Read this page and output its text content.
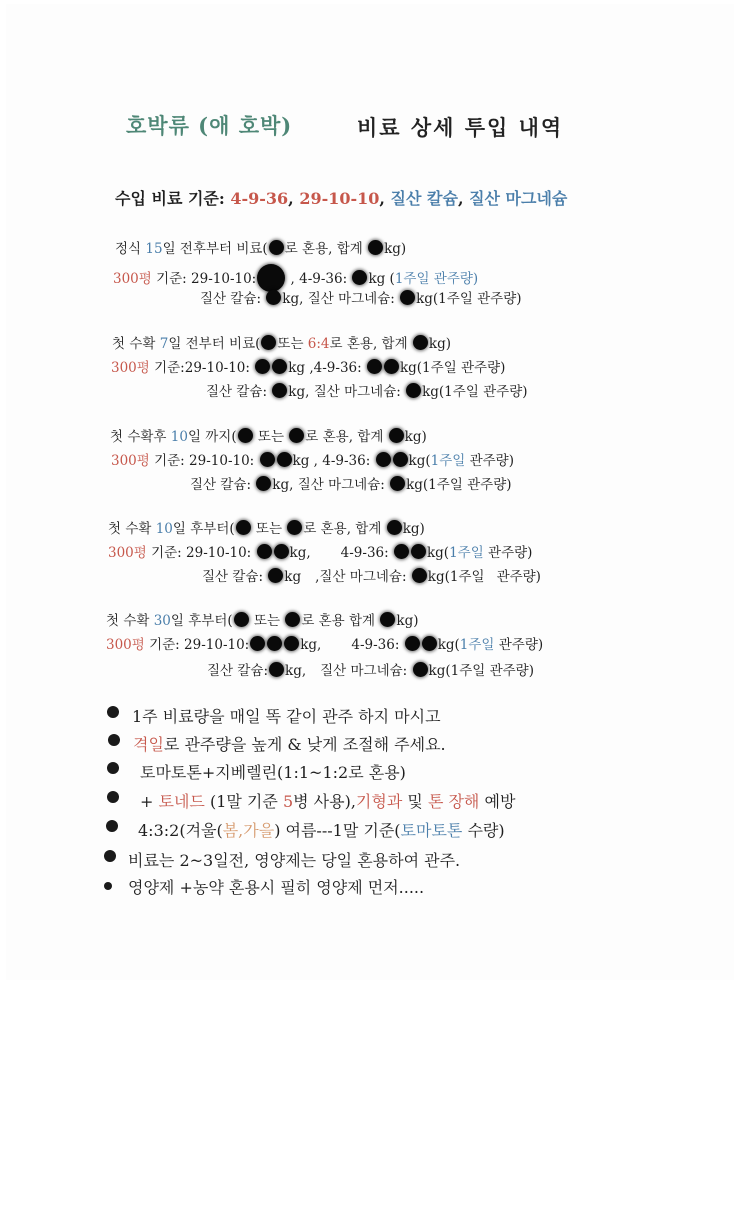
호박류 (애 호박)	비료 상세 투입 내역
수입 비료 기준: 4-9-36, 29-10-10, 질산 칼슘, 질산 마그네슘
정식 15일 전후부터 비료( 로 혼용, 합계 kg)
300평 기준: 29-10-10: , 4-9-36: kg (1주일 관주량)
질산 칼슘: kg, 질산 마그네슘: kg(1주일 관주량)
첫 수확 7일 전부터 비료( 또는 6:4로 혼용, 합계 kg)
300평 기준:29-10-10:	kg ,4-9-36:	kg(1주일 관주량)
질산 칼슘: kg, 질산 마그네슘: kg(1주일 관주량)
첫 수확후 10일 까지( 또는 로 혼용, 합계 kg)
300평 기준: 29-10-10:	kg , 4-9-36:	kg(1주일 관주량)
질산 칼슘: kg, 질산 마그네슘: kg(1주일 관주량)
첫 수확 10일 후부터( 또는 로 혼용, 합계 kg)
300평 기준: 29-10-10:	kg, 4-9-36:	kg(1주일 관주량)
질산 칼슘: kg ,질산 마그네슘: kg(1주일 관주량)
첫 수확 30일 후부터( 또는 로 혼용 합계 kg)
300평 기준: 29-10-10:	kg, 4-9-36:	kg(1주일 관주량)
질산 칼슘: kg, 질산 마그네슘: kg(1주일 관주량)
1주 비료량을 매일 똑 같이 관주 하지 마시고
격일로 관주량을 높게 & 낮게 조절해 주세요.
토마토톤+지베렐린(1:1~1:2로 혼용)
+ 토네드 (1말 기준 5병 사용),기형과 및 톤 장해 예방
4:3:2(겨울(봄,가을) 여름---1말 기준(토마토톤 수량)
비료는 2~3일전, 영양제는 당일 혼용하여 관주.
영양제 +농약 혼용시 필히 영양제 먼저.....
